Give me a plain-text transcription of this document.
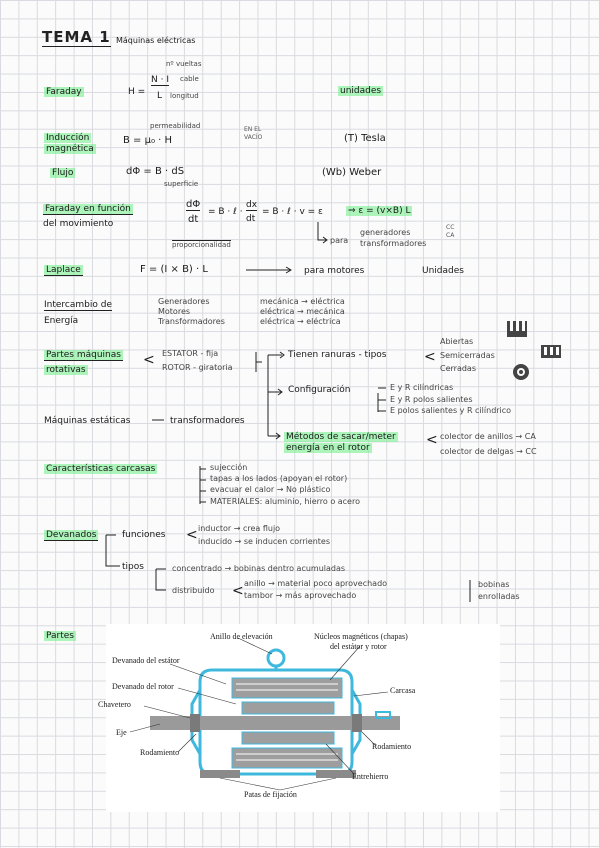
TEMA 1 Máquinas eléctricas
Faraday	H =
N · I
L
nº vueltas
cable
longitud	unidades
Inducción
magnética
permeabilidad
B = μ₀ · H
EN EL
VACÍO	(T) Tesla
Flujo	dΦ = B · dS
superficie
(Wb) Weber
Faraday en función
del movimiento
dΦ
dt
= B · ℓ ·
dx
dt
= B · ℓ · v = ε	⇒ ε = (v×B) L
proporcionalidad	para
generadores
transformadores
CC
CA
Laplace	F = (I × B) · L	para motores	Unidades
Intercambio de
Energía
Generadores
Motores
Transformadores
mecánica → eléctrica
eléctrica → mecánica
eléctrica → eléctrica
Partes máquinas
rotativas
< ESTATOR - fija
ROTOR - giratoria
Tienen ranuras - tipos	<
Abiertas
Semicerradas
Cerradas
Configuración	E y R cilíndricas
E y R polos salientes
E polos salientes y R cilíndrico
Métodos de sacar/meter
energía en el rotor	< colector de anillos → CA
colector de delgas → CC
Máquinas estáticas	transformadores
Características carcasas	sujección
tapas a los lados (apoyan el rotor)
evacuar el calor → No plástico
MATERIALES: aluminio, hierro o acero
Devanados	funciones < inductor → crea flujo
inducido → se inducen corrientes
tipos	concentrado → bobinas dentro acumuladas
distribuido < anillo → material poco aprovechado
tambor → más aprovechado
bobinas
enrolladas
Partes	Anillo de elevación	Núcleos magnéticos (chapas)
del estátor y rotor
Devanado del estátor
Devanado del rotor
Chavetero
Carcasa
Eje
Rodamiento
Rodamiento
Entrehierro
Patas de fijación
